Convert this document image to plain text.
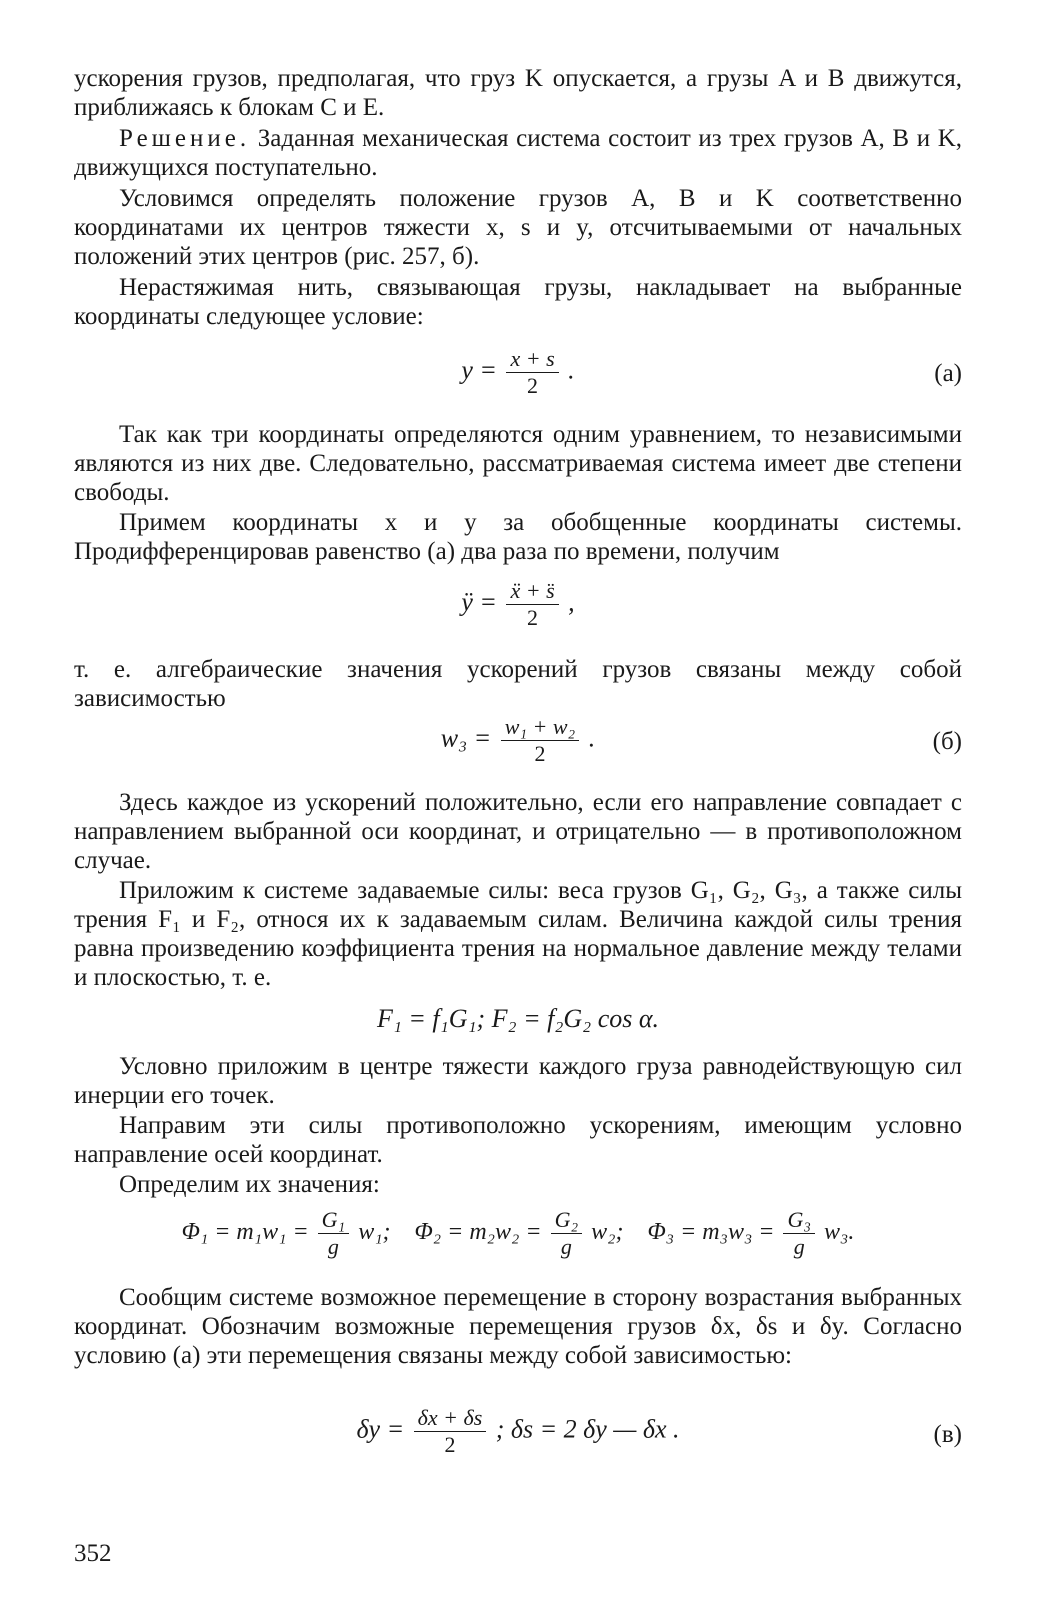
ускорения грузов, предполагая, что груз K опускается, а грузы A и B движутся, приближаясь к блокам C и E.
Решение. Заданная механическая система состоит из трех грузов A, B и K, движущихся поступательно.
Условимся определять положение грузов A, B и K соответственно координатами их центров тяжести x, s и y, отсчитываемыми от начальных положений этих центров (рис. 257, б).
Нерастяжимая нить, связывающая грузы, накладывает на выбранные координаты следующее условие:
$y = \frac{x + s}{2}$ .	(а)
Так как три координаты определяются одним уравнением, то независимыми являются из них две. Следовательно, рассматриваемая система имеет две степени свободы.
Примем координаты x и y за обобщенные координаты системы. Продифференцировав равенство (а) два раза по времени, получим
ÿ = $\frac{\text{ẍ + s̈}}{2}$ ,
т. е. алгебраические значения ускорений грузов связаны между собой зависимостью
$w_3 = \frac{\text{w₁ + w₂}}{2}$ .	(б)
Здесь каждое из ускорений положительно, если его направление совпадает с направлением выбранной оси координат, и отрицательно — в противоположном случае.
Приложим к системе задаваемые силы: веса грузов G₁, G₂, G₃, а также силы трения F₁ и F₂, относя их к задаваемым силам. Величина каждой силы трения равна произведению коэффициента трения на нормальное давление между телами и плоскостью, т. е.
F₁ = f₁G₁; F₂ = f₂G₂ cos α.
Условно приложим в центре тяжести каждого груза равнодействующую сил инерции его точек.
Направим эти силы противоположно ускорениям, имеющим условно направление осей координат.
Определим их значения:
$\Phi_1 = m_1w_1 = \frac{\text{G₁}}{g} w_1$; $\Phi_2 = m_2w_2 = \frac{\text{G₂}}{g} w_2$; $\Phi_3 = m_3w_3 = \frac{\text{G₃}}{g} w_3$.
Сообщим системе возможное перемещение в сторону возрастания выбранных координат. Обозначим возможные перемещения грузов δx, δs и δy. Согласно условию (а) эти перемещения связаны между собой зависимостью:
$\delta y = \frac{\delta x + \delta s}{2}$ ; δs = 2 δy — δx .	(в)
352
